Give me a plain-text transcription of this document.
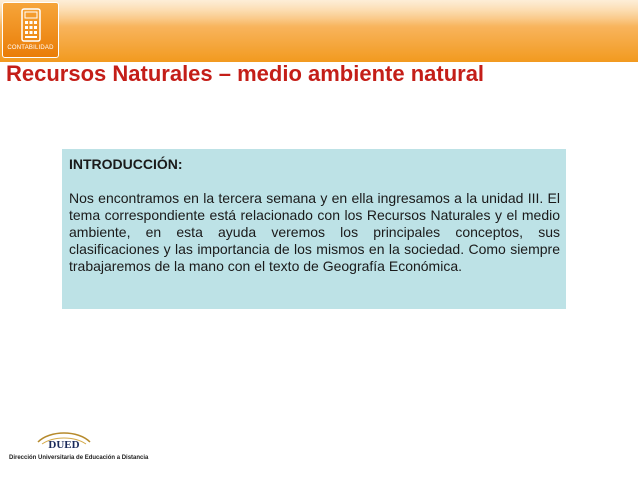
CONTABILIDAD
Recursos Naturales – medio ambiente natural

INTRODUCCIÓN:

Nos encontramos en la tercera semana y en ella ingresamos a la unidad III. El tema correspondiente está relacionado con los Recursos Naturales y el medio ambiente, en esta ayuda veremos los principales conceptos, sus clasificaciones y las importancia de los mismos en la sociedad. Como siempre trabajaremos de la mano con el texto de Geografía Económica.

DUED
Dirección Universitaria de Educación a Distancia
